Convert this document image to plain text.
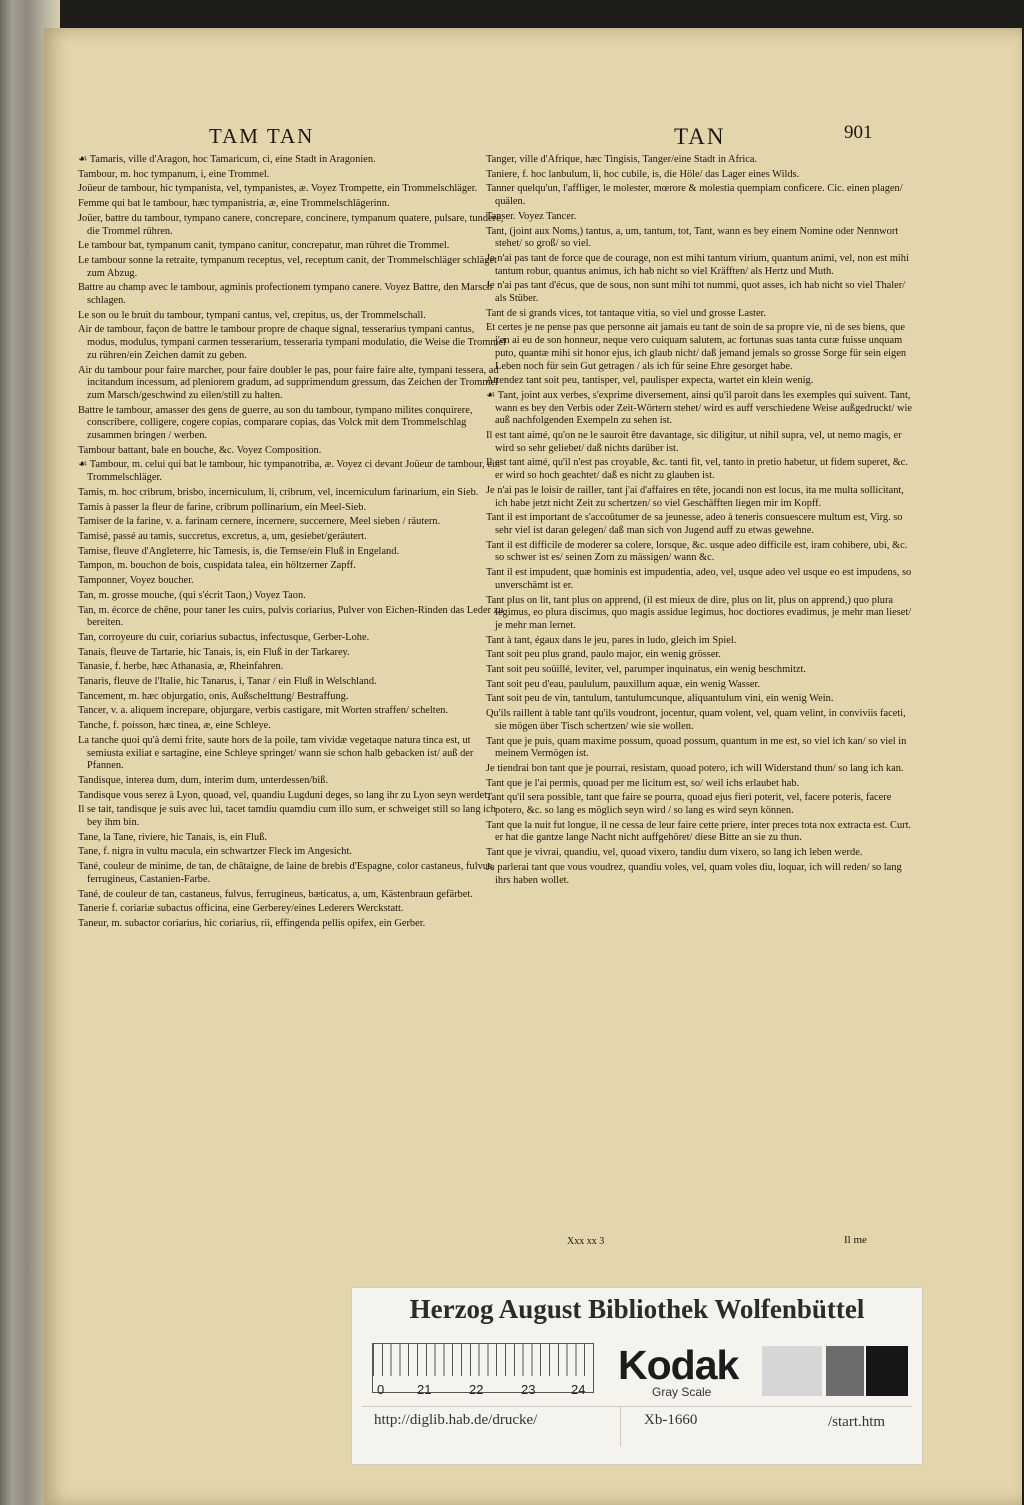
TAM TAN	TAN	901
☙ Tamaris, ville d'Aragon, hoc Tamaricum, ci, eine Stadt in Aragonien.
Tambour, m. hoc tympanum, i, eine Trommel.
Joüeur de tambour, hic tympanista, vel, tympanistes, æ. Voyez Trompette, ein Trommelschläger.
Femme qui bat le tambour, hæc tympanistria, æ, eine Trommelschlägerinn.
Joüer, battre du tambour, tympano canere, concrepare, concinere, tympanum quatere, pulsare, tundere, die Trommel rühren.
Le tambour bat, tympanum canit, tympano canitur, concrepatur, man rühret die Trommel.
Le tambour sonne la retraite, tympanum receptus, vel, receptum canit, der Trommelschläger schläget zum Abzug.
Battre au champ avec le tambour, agminis profectionem tympano canere. Voyez Battre, den Marsch schlagen.
Le son ou le bruit du tambour, tympani cantus, vel, crepitus, us, der Trommelschall.
Air de tambour, façon de battre le tambour propre de chaque signal, tesserarius tympani cantus, modus, modulus, tympani carmen tesserarium, tesseraria tympani modulatio, die Weise die Trommel zu rühren/ein Zeichen damit zu geben.
Air du tambour pour faire marcher, pour faire doubler le pas, pour faire faire alte, tympani tessera, ad incitandum incessum, ad pleniorem gradum, ad supprimendum gressum, das Zeichen der Trommel zum Marsch/geschwind zu eilen/still zu halten.
Battre le tambour, amasser des gens de guerre, au son du tambour, tympano milites conquirere, conscribere, colligere, cogere copias, comparare copias, das Volck mit dem Trommelschlag zusammen bringen / werben.
Tambour battant, bale en bouche, &c. Voyez Composition.
☙ Tambour, m. celui qui bat le tambour, hic tympanotriba, æ. Voyez ci devant Joüeur de tambour, ein Trommelschläger.
Tamis, m. hoc cribrum, brisbo, incerniculum, li, cribrum, vel, incerniculum farinarium, ein Sieb.
Tamis à passer la fleur de farine, cribrum pollinarium, ein Meel-Sieb.
Tamiser de la farine, v. a. farinam cernere, incernere, succernere, Meel sieben / räutern.
Tamisé, passé au tamis, succretus, excretus, a, um, gesiebet/geräutert.
Tamise, fleuve d'Angleterre, hic Tamesis, is, die Temse/ein Fluß in Engeland.
Tampon, m. bouchon de bois, cuspidata talea, ein höltzerner Zapff.
Tamponner, Voyez boucher.
Tan, m. grosse mouche, (qui s'écrit Taon,) Voyez Taon.
Tan, m. écorce de chêne, pour taner les cuirs, pulvis coriarius, Pulver von Eichen-Rinden das Leder zu bereiten.
Tan, corroyeure du cuir, coriarius subactus, infectusque, Gerber-Lohe.
Tanais, fleuve de Tartarie, hic Tanais, is, ein Fluß in der Tarkarey.
Tanasie, f. herbe, hæc Athanasia, æ, Rheinfahren.
Tanaris, fleuve de l'Italie, hic Tanarus, i, Tanar / ein Fluß in Welschland.
Tancement, m. hæc objurgatio, onis, Außschelttung/ Bestraffung.
Tancer, v. a. aliquem increpare, objurgare, verbis castigare, mit Worten straffen/ schelten.
Tanche, f. poisson, hæc tinea, æ, eine Schleye.
La tanche quoi qu'à demi frite, saute hors de la poile, tam vividæ vegetaque natura tinca est, ut semiusta exiliat e sartagine, eine Schleye springet/ wann sie schon halb gebacken ist/ auß der Pfannen.
Tandisque, interea dum, dum, interim dum, unterdessen/biß.
Tandisque vous serez à Lyon, quoad, vel, quandiu Lugduni deges, so lang ihr zu Lyon seyn werdet.
Il se tait, tandisque je suis avec lui, tacet tamdiu quamdiu cum illo sum, er schweiget still so lang ich bey ihm bin.
Tane, la Tane, riviere, hic Tanais, is, ein Fluß.
Tane, f. nigra in vultu macula, ein schwartzer Fleck im Angesicht.
Tané, couleur de minime, de tan, de châtaigne, de laine de brebis d'Espagne, color castaneus, fulvus, ferrugineus, Castanien-Farbe.
Tané, de couleur de tan, castaneus, fulvus, ferrugineus, bæticatus, a, um, Kästenbraun gefärbet.
Tanerie f. coriariæ subactus officina, eine Gerberey/eines Lederers Werckstatt.
Taneur, m. subactor coriarius, hic coriarius, rii, effingenda pellis opifex, ein Gerber.
Tanger, ville d'Afrique, hæc Tingisis, Tanger/eine Stadt in Africa.
Taniere, f. hoc lanbulum, li, hoc cubile, is, die Höle/ das Lager eines Wilds.
Tanner quelqu'un, l'affliger, le molester, mœrore & molestia quempiam conficere. Cic. einen plagen/ quälen.
Tanser. Voyez Tancer.
Tant, (joint aux Noms,) tantus, a, um, tantum, tot, Tant, wann es bey einem Nomine oder Nennwort stehet/ so groß/ so viel.
Je n'ai pas tant de force que de courage, non est mihi tantum virium, quantum animi, vel, non est mihi tantum robur, quantus animus, ich hab nicht so viel Kräfften/ als Hertz und Muth.
Je n'ai pas tant d'écus, que de sous, non sunt mihi tot nummi, quot asses, ich hab nicht so viel Thaler/ als Stüber.
Tant de si grands vices, tot tantaque vitia, so viel und grosse Laster.
Et certes je ne pense pas que personne ait jamais eu tant de soin de sa propre vie, ni de ses biens, que j'en ai eu de son honneur, neque vero cuiquam salutem, ac fortunas suas tanta curæ fuisse unquam puto, quantæ mihi sit honor ejus, ich glaub nicht/ daß jemand jemals so grosse Sorge für sein eigen Leben noch für sein Gut getragen / als ich für seine Ehre gesorget habe.
Attendez tant soit peu, tantisper, vel, paulisper expecta, wartet ein klein wenig.
☙ Tant, joint aux verbes, s'exprime diversement, ainsi qu'il paroit dans les exemples qui suivent. Tant, wann es bey den Verbis oder Zeit-Wörtern stehet/ wird es auff verschiedene Weise außgedruckt/ wie auß nachfolgenden Exempeln zu sehen ist.
Il est tant aimé, qu'on ne le sauroit être davantage, sic diligitur, ut nihil supra, vel, ut nemo magis, er wird so sehr geliebet/ daß nichts darüber ist.
Il est tant aimé, qu'il n'est pas croyable, &c. tanti fit, vel, tanto in pretio habetur, ut fidem superet, &c. er wird so hoch geachtet/ daß es nicht zu glauben ist.
Je n'ai pas le loisir de railler, tant j'ai d'affaires en tête, jocandi non est locus, ita me multa sollicitant, ich habe jetzt nicht Zeit zu schertzen/ so viel Geschäfften liegen mir im Kopff.
Tant il est important de s'accoûtumer de sa jeunesse, adeo à teneris consuescere multum est, Virg. so sehr viel ist daran gelegen/ daß man sich von Jugend auff zu etwas gewehne.
Tant il est difficile de moderer sa colere, lorsque, &c. usque adeo difficile est, iram cohibere, ubi, &c. so schwer ist es/ seinen Zorn zu mässigen/ wann &c.
Tant il est impudent, quæ hominis est impudentia, adeo, vel, usque adeo vel usque eo est impudens, so unverschämt ist er.
Tant plus on lit, tant plus on apprend, (il est mieux de dire, plus on lit, plus on apprend,) quo plura legimus, eo plura discimus, quo magis assidue legimus, hoc doctiores evadimus, je mehr man lieset/ je mehr man lernet.
Tant à tant, égaux dans le jeu, pares in ludo, gleich im Spiel.
Tant soit peu plus grand, paulo major, ein wenig grösser.
Tant soit peu soüillé, leviter, vel, parumper inquinatus, ein wenig beschmitzt.
Tant soit peu d'eau, paululum, pauxillum aquæ, ein wenig Wasser.
Tant soit peu de vin, tantulum, tantulumcunque, aliquantulum vini, ein wenig Wein.
Qu'ils raillent à table tant qu'ils voudront, jocentur, quam volent, vel, quam velint, in conviviis faceti, sie mögen über Tisch schertzen/ wie sie wollen.
Tant que je puis, quam maxime possum, quoad possum, quantum in me est, so viel ich kan/ so viel in meinem Vermögen ist.
Je tiendrai bon tant que je pourrai, resistam, quoad potero, ich will Widerstand thun/ so lang ich kan.
Tant que je l'ai permis, quoad per me licitum est, so/ weil ichs erlaubet hab.
Tant qu'il sera possible, tant que faire se pourra, quoad ejus fieri poterit, vel, facere poteris, facere potero, &c. so lang es möglich seyn wird / so lang es wird seyn können.
Tant que la nuit fut longue, il ne cessa de leur faire cette priere, inter preces tota nox extracta est. Curt. er hat die gantze lange Nacht nicht auffgehöret/ diese Bitte an sie zu thun.
Tant que je vivrai, quandiu, vel, quoad vixero, tandiu dum vixero, so lang ich leben werde.
Je parlerai tant que vous voudrez, quandiu voles, vel, quam voles diu, loquar, ich will reden/ so lang ihrs haben wollet.
Xxx xx 3	Il me
Herzog August Bibliothek Wolfenbüttel
0	21	22	23	24
Kodak
Gray Scale
http://diglib.hab.de/drucke/	Xb-1660	/start.htm
